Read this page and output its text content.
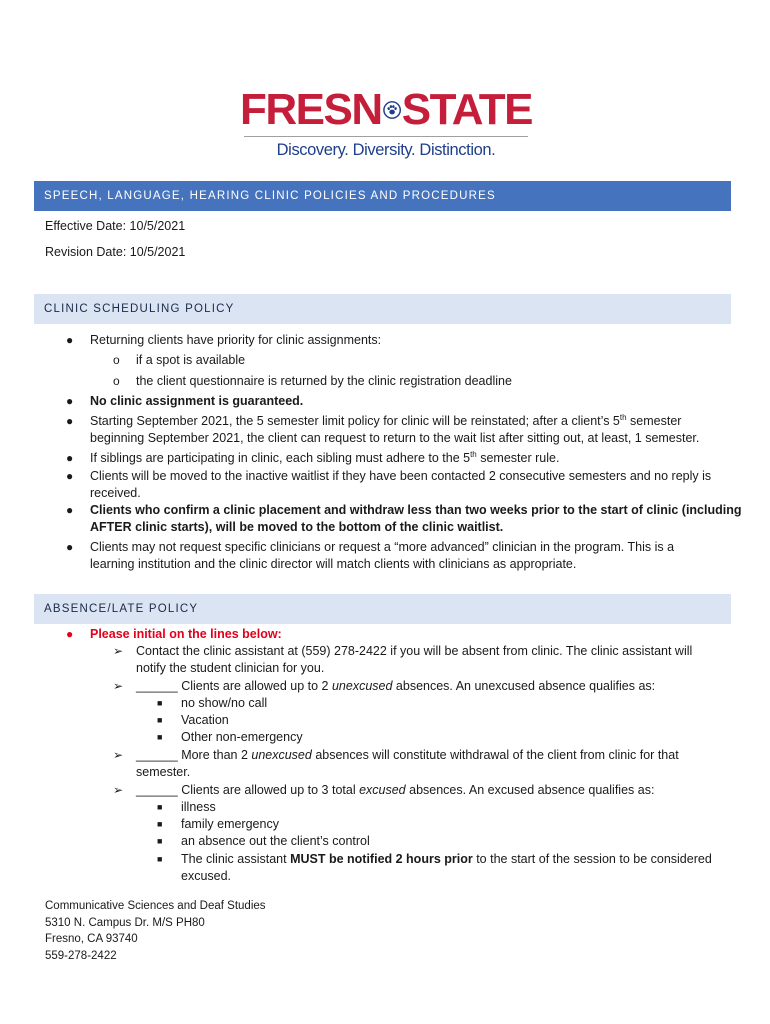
FRESN STATE
Discovery. Diversity. Distinction.
SPEECH, LANGUAGE, HEARING CLINIC POLICIES AND PROCEDURES
Effective Date: 10/5/2021
Revision Date: 10/5/2021
CLINIC SCHEDULING POLICY
● Returning clients have priority for clinic assignments:
o if a spot is available
o the client questionnaire is returned by the clinic registration deadline
● No clinic assignment is guaranteed.
● Starting September 2021, the 5 semester limit policy for clinic will be reinstated; after a client’s 5th semester
beginning September 2021, the client can request to return to the wait list after sitting out, at least, 1 semester.
● If siblings are participating in clinic, each sibling must adhere to the 5th semester rule.
● Clients will be moved to the inactive waitlist if they have been contacted 2 consecutive semesters and no reply is
received.
● Clients who confirm a clinic placement and withdraw less than two weeks prior to the start of clinic (including
AFTER clinic starts), will be moved to the bottom of the clinic waitlist.
● Clients may not request specific clinicians or request a “more advanced” clinician in the program. This is a
learning institution and the clinic director will match clients with clinicians as appropriate.
ABSENCE/LATE POLICY
● Please initial on the lines below:
➢ Contact the clinic assistant at (559) 278-2422 if you will be absent from clinic. The clinic assistant will
notify the student clinician for you.
➢ ______ Clients are allowed up to 2 unexcused absences. An unexcused absence qualifies as:
■ no show/no call
■ Vacation
■ Other non-emergency
➢ ______ More than 2 unexcused absences will constitute withdrawal of the client from clinic for that
semester.
➢ ______ Clients are allowed up to 3 total excused absences. An excused absence qualifies as:
■ illness
■ family emergency
■ an absence out the client’s control
■ The clinic assistant MUST be notified 2 hours prior to the start of the session to be considered
excused.
Communicative Sciences and Deaf Studies
5310 N. Campus Dr. M/S PH80
Fresno, CA 93740
559-278-2422
